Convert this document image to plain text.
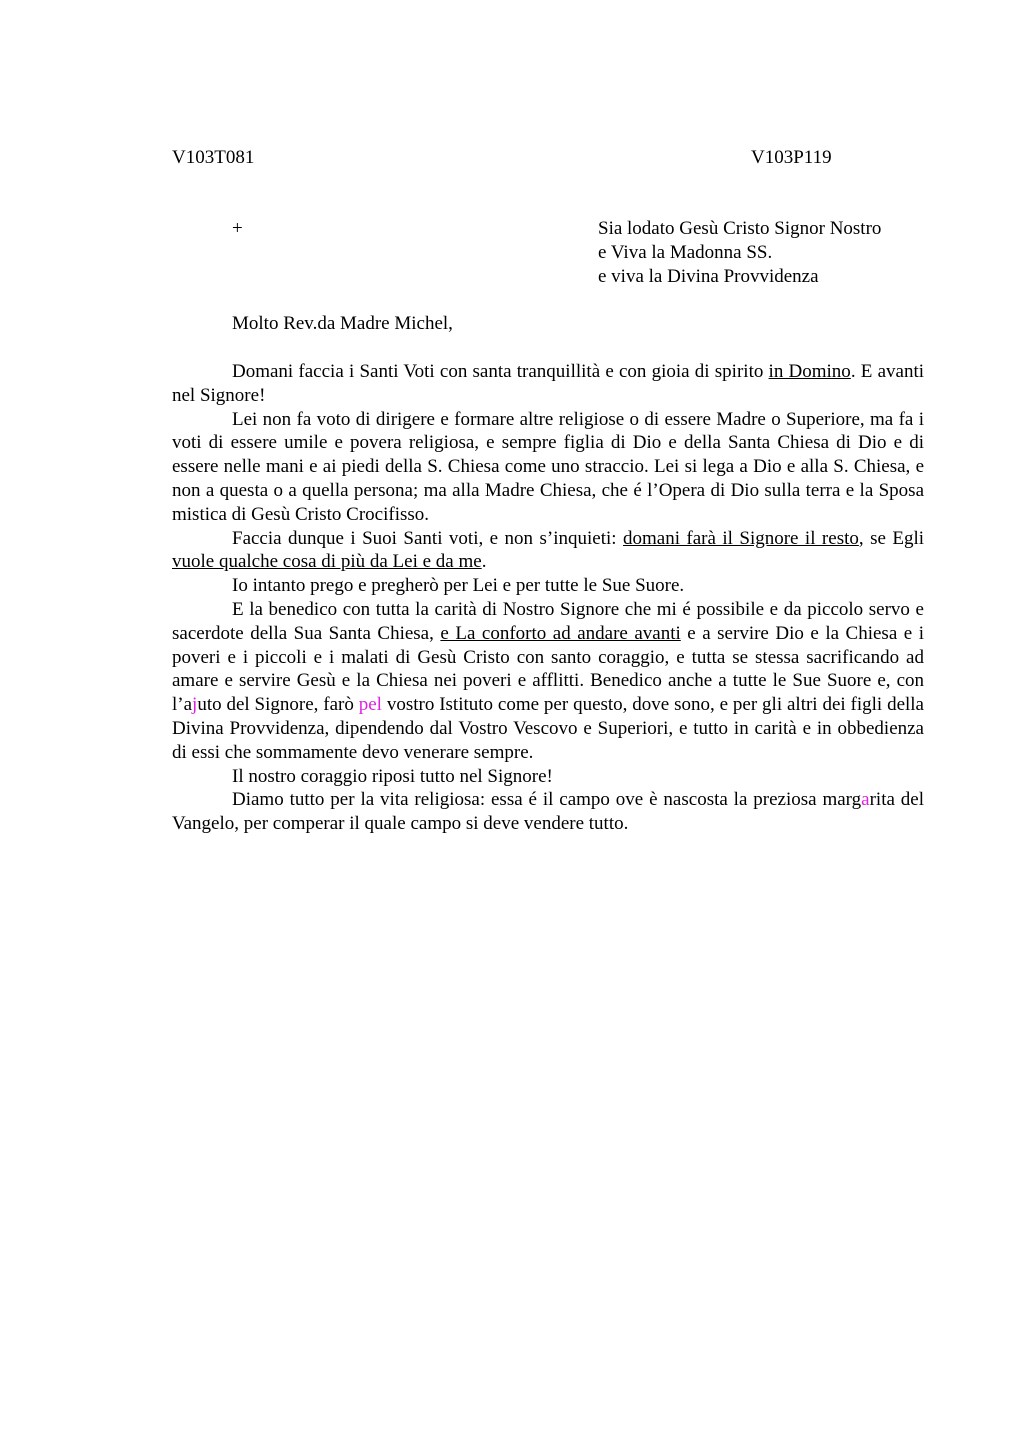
V103T081	V103P119
+	Sia lodato Gesù Cristo Signor Nostro
e Viva la Madonna SS.
e viva la Divina Provvidenza
Molto Rev.da Madre Michel,

Domani faccia i Santi Voti con santa tranquillità e con gioia di spirito in Domino. E avanti nel Signore!

Lei non fa voto di dirigere e formare altre religiose o di essere Madre o Superiore, ma fa i voti di essere umile e povera religiosa, e sempre figlia di Dio e della Santa Chiesa di Dio e di essere nelle mani e ai piedi della S. Chiesa come uno straccio. Lei si lega a Dio e alla S. Chiesa, e non a questa o a quella persona; ma alla Madre Chiesa, che é l’Opera di Dio sulla terra e la Sposa mistica di Gesù Cristo Crocifisso.

Faccia dunque i Suoi Santi voti, e non s’inquieti: domani farà il Signore il resto, se Egli vuole qualche cosa di più da Lei e da me.

Io intanto prego e pregherò per Lei e per tutte le Sue Suore.

E la benedico con tutta la carità di Nostro Signore che mi é possibile e da piccolo servo e sacerdote della Sua Santa Chiesa, e La conforto ad andare avanti e a servire Dio e la Chiesa e i poveri e i piccoli e i malati di Gesù Cristo con santo coraggio, e tutta se stessa sacrificando ad amare e servire Gesù e la Chiesa nei poveri e afflitti. Benedico anche a tutte le Sue Suore e, con l’ajuto del Signore, farò pel vostro Istituto come per questo, dove sono, e per gli altri dei figli della Divina Provvidenza, dipendendo dal Vostro Vescovo e Superiori, e tutto in carità e in obbedienza di essi che sommamente devo venerare sempre.

Il nostro coraggio riposi tutto nel Signore!

Diamo tutto per la vita religiosa: essa é il campo ove è nascosta la preziosa margarita del Vangelo, per comperar il quale campo si deve vendere tutto.
